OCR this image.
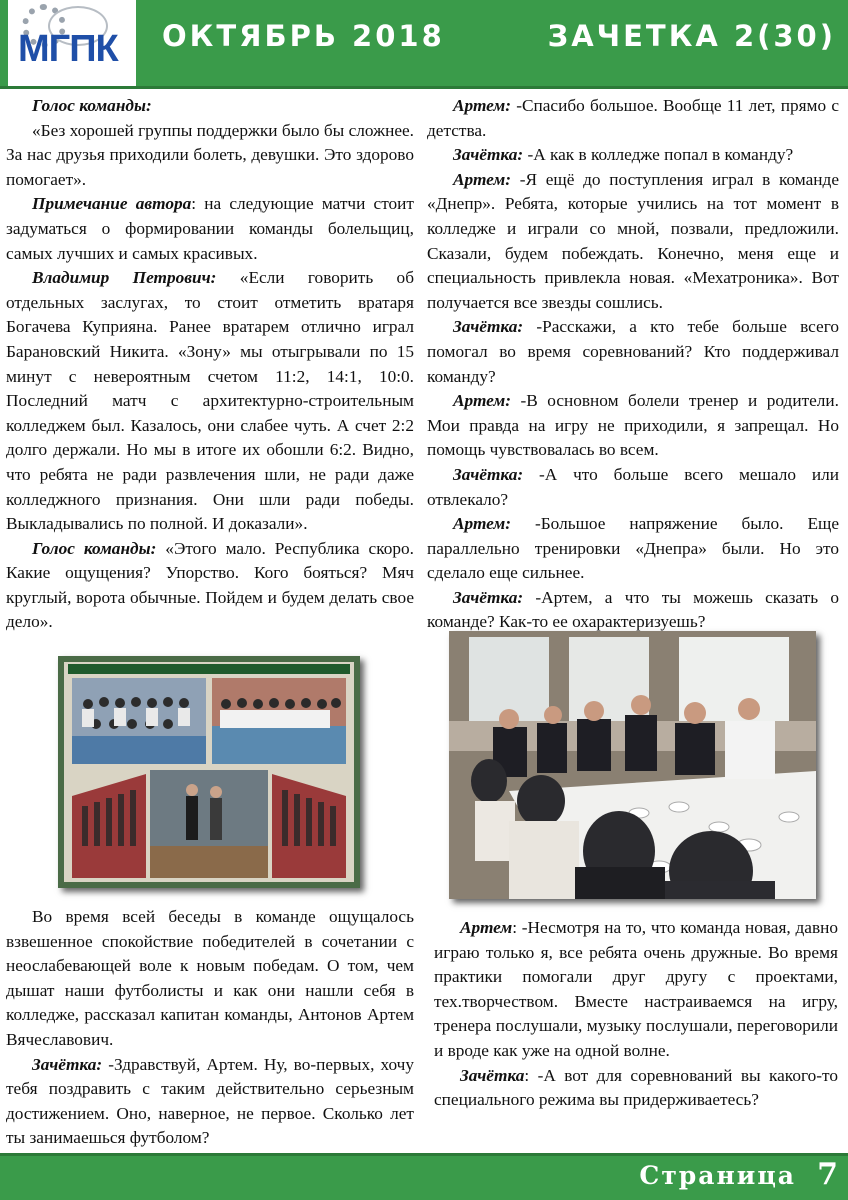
МГПК ОКТЯБРЬ 2018	ЗАЧЕТКА 2(30)

Голос команды:

«Без хорошей группы поддержки было бы сложнее. За нас друзья приходили болеть, девушки. Это здорово помогает».

Примечание автора: на следующие матчи стоит задуматься о формировании команды болельщиц, самых лучших и самых красивых.

Владимир Петрович: «Если говорить об отдельных заслугах, то стоит отметить вратаря Богачева Куприяна. Ранее вратарем отлично играл Барановский Никита. «Зону» мы отыгрывали по 15 минут с невероятным счетом 11:2, 14:1, 10:0. Последний матч с архитектурно-строительным колледжем был. Казалось, они слабее чуть. А счет 2:2 долго держали. Но мы в итоге их обошли 6:2. Видно, что ребята не ради развлечения шли, не ради даже колледжного признания. Они шли ради победы. Выкладывались по полной. И доказали».

Голос команды: «Этого мало. Республика скоро. Какие ощущения? Упорство. Кого бояться? Мяч круглый, ворота обычные. Пойдем и будем делать свое дело».

Артем: -Спасибо большое. Вообще 11 лет, прямо с детства.

Зачётка: -А как в колледже попал в команду?

Артем: -Я ещё до поступления играл в команде «Днепр». Ребята, которые учились на тот момент в колледже и играли со мной, позвали, предложили. Сказали, будем побеждать. Конечно, меня еще и специальность привлекла новая. «Мехатроника». Вот получается все звезды сошлись.

Зачётка: -Расскажи, а кто тебе больше всего помогал во время соревнований? Кто поддерживал команду?

Артем: -В основном болели тренер и родители. Мои правда на игру не приходили, я запрещал. Но помощь чувствовалась во всем.

Зачётка: -А что больше всего мешало или отвлекало?

Артем: -Большое напряжение было. Еще параллельно тренировки «Днепра» были. Но это сделало еще сильнее.

Зачётка: -Артем, а что ты можешь сказать о команде? Как-то ее охарактеризуешь?

Во время всей беседы в команде ощущалось взвешенное спокойствие победителей в сочетании с неослабевающей воле к новым победам. О том, чем дышат наши футболисты и как они нашли себя в колледже, рассказал капитан команды, Антонов Артем Вячеславович.

Зачётка: -Здравствуй, Артем. Ну, во-первых, хочу тебя поздравить с таким действительно серьезным достижением. Оно, наверное, не первое. Сколько лет ты занимаешься футболом?

Артем: -Несмотря на то, что команда новая, давно играю только я, все ребята очень дружные. Во время практики помогали друг другу с проектами, тех.творчеством. Вместе настраиваемся на игру, тренера послушали, музыку послушали, переговорили и вроде как уже на одной волне.

Зачётка: -А вот для соревнований вы какого-то специального режима вы придерживаетесь?

Страница 7
